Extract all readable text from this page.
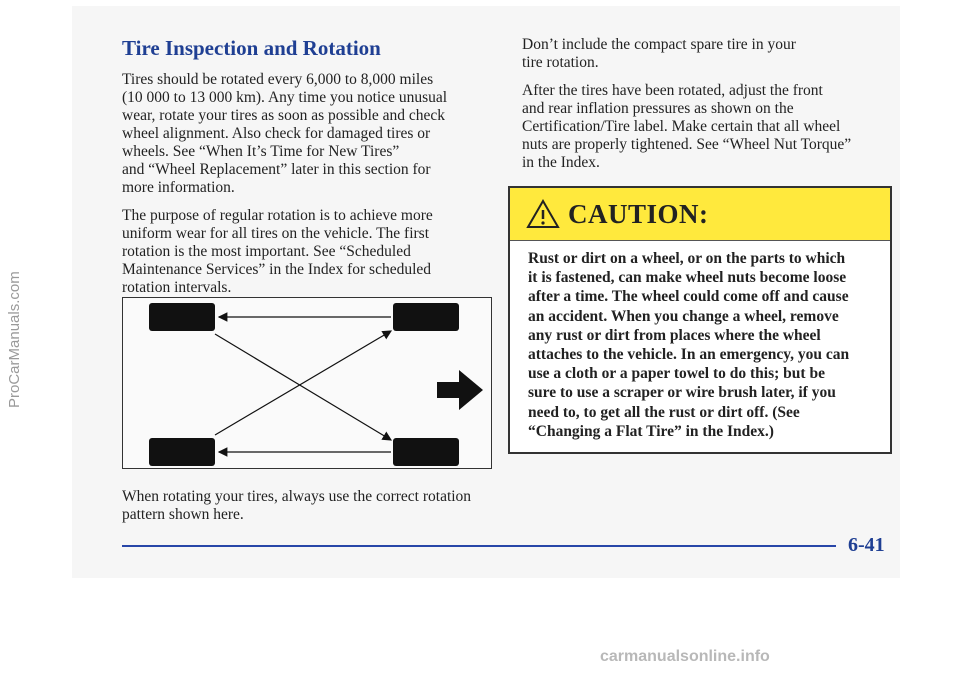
ProCarManuals.com
Tire Inspection and Rotation

Tires should be rotated every 6,000 to 8,000 miles
(10 000 to 13 000 km). Any time you notice unusual
wear, rotate your tires as soon as possible and check
wheel alignment. Also check for damaged tires or
wheels. See “When It’s Time for New Tires”
and “Wheel Replacement” later in this section for
more information.

The purpose of regular rotation is to achieve more
uniform wear for all tires on the vehicle. The first
rotation is the most important. See “Scheduled
Maintenance Services” in the Index for scheduled
rotation intervals.

When rotating your tires, always use the correct rotation
pattern shown here.

Don’t include the compact spare tire in your
tire rotation.

After the tires have been rotated, adjust the front
and rear inflation pressures as shown on the
Certification/Tire label. Make certain that all wheel
nuts are properly tightened. See “Wheel Nut Torque”
in the Index.

CAUTION:
Rust or dirt on a wheel, or on the parts to which
it is fastened, can make wheel nuts become loose
after a time. The wheel could come off and cause
an accident. When you change a wheel, remove
any rust or dirt from places where the wheel
attaches to the vehicle. In an emergency, you can
use a cloth or a paper towel to do this; but be
sure to use a scraper or wire brush later, if you
need to, to get all the rust or dirt off. (See
“Changing a Flat Tire” in the Index.)
6-41
carmanualsonline.info
